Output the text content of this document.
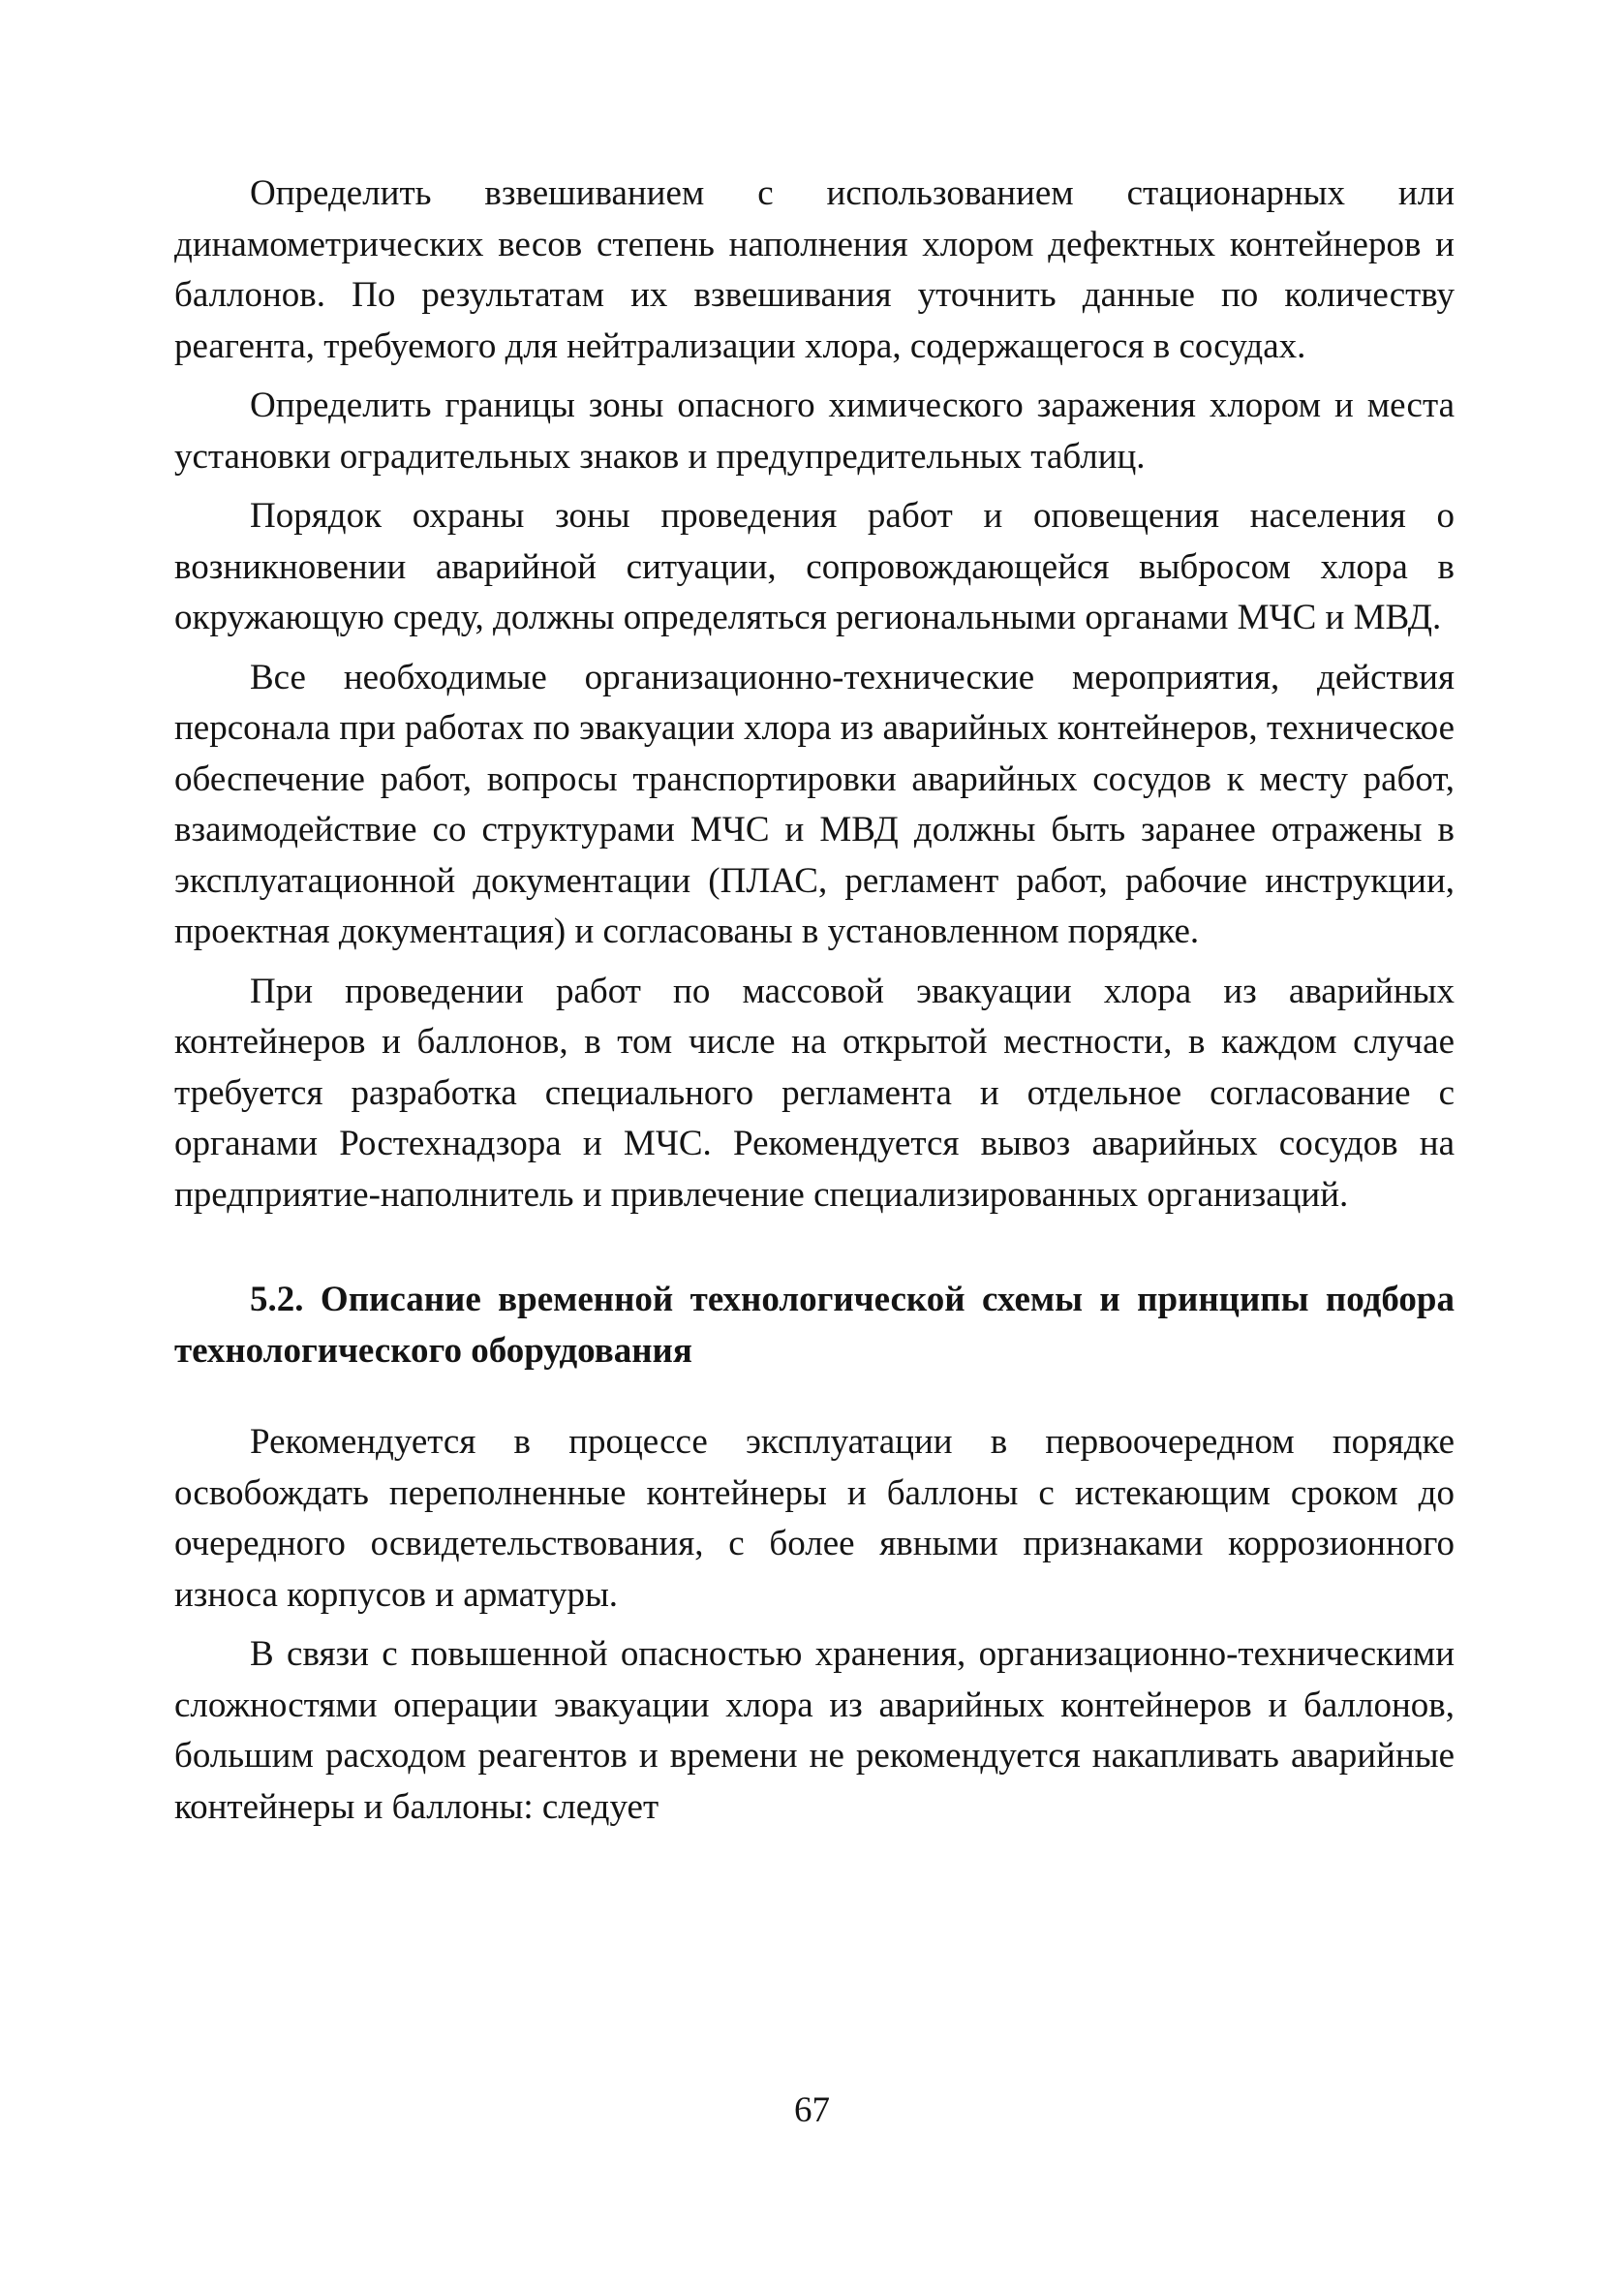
Определить взвешиванием с использованием стационарных или динамометрических весов степень наполнения хлором дефектных контейнеров и баллонов. По результатам их взвешивания уточнить данные по количеству реагента, требуемого для нейтрализации хлора, содержащегося в сосудах.

Определить границы зоны опасного химического заражения хлором и места установки оградительных знаков и предупредительных таблиц.

Порядок охраны зоны проведения работ и оповещения населения о возникновении аварийной ситуации, сопровождающейся выбросом хлора в окружающую среду, должны определяться региональными органами МЧС и МВД.

Все необходимые организационно-технические мероприятия, действия персонала при работах по эвакуации хлора из аварийных контейнеров, техническое обеспечение работ, вопросы транспортировки аварийных сосудов к месту работ, взаимодействие со структурами МЧС и МВД должны быть заранее отражены в эксплуатационной документации (ПЛАС, регламент работ, рабочие инструкции, проектная документация) и согласованы в установленном порядке.

При проведении работ по массовой эвакуации хлора из аварийных контейнеров и баллонов, в том числе на открытой местности, в каждом случае требуется разработка специального регламента и отдельное согласование с органами Ростехнадзора и МЧС. Рекомендуется вывоз аварийных сосудов на предприятие-наполнитель и привлечение специализированных организаций.

5.2. Описание временной технологической схемы и принципы подбора технологического оборудования

Рекомендуется в процессе эксплуатации в первоочередном порядке освобождать переполненные контейнеры и баллоны с истекающим сроком до очередного освидетельствования, с более явными признаками коррозионного износа корпусов и арматуры.

В связи с повышенной опасностью хранения, организационно-техническими сложностями операции эвакуации хлора из аварийных контейнеров и баллонов, большим расходом реагентов и времени не рекомендуется накапливать аварийные контейнеры и баллоны: следует

67
